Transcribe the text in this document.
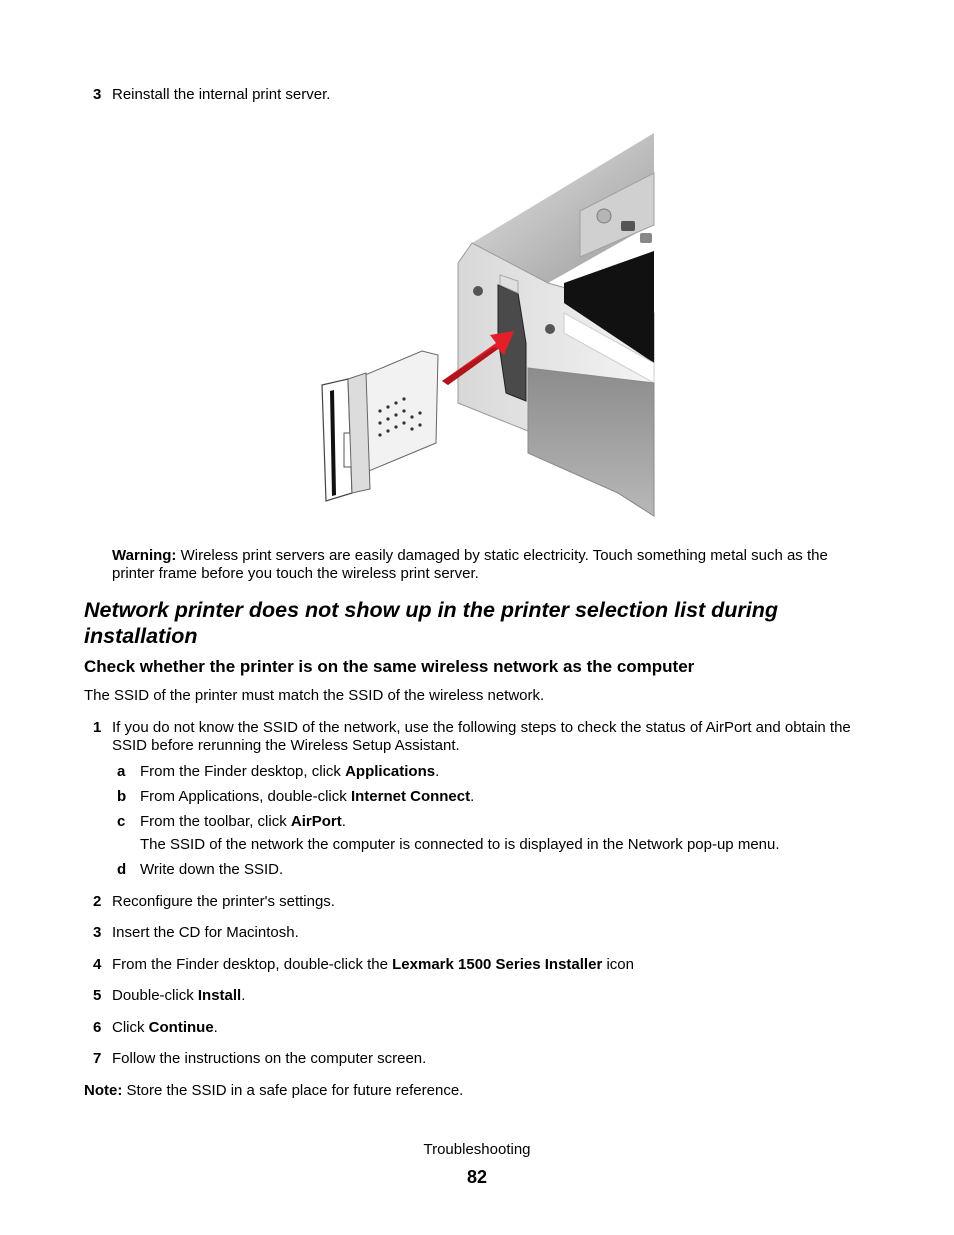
3 Reinstall the internal print server.
Warning: Wireless print servers are easily damaged by static electricity. Touch something metal such as the
printer frame before you touch the wireless print server.
Network printer does not show up in the printer selection list during
installation
Check whether the printer is on the same wireless network as the computer
The SSID of the printer must match the SSID of the wireless network.
1 If you do not know the SSID of the network, use the following steps to check the status of AirPort and obtain the
SSID before rerunning the Wireless Setup Assistant.
a From the Finder desktop, click Applications.
b From Applications, double-click Internet Connect.
c From the toolbar, click AirPort.
The SSID of the network the computer is connected to is displayed in the Network pop-up menu.
d Write down the SSID.
2 Reconfigure the printer's settings.
3 Insert the CD for Macintosh.
4 From the Finder desktop, double-click the Lexmark 1500 Series Installer icon
5 Double-click Install.
6 Click Continue.
7 Follow the instructions on the computer screen.
Note: Store the SSID in a safe place for future reference.
Troubleshooting
82
